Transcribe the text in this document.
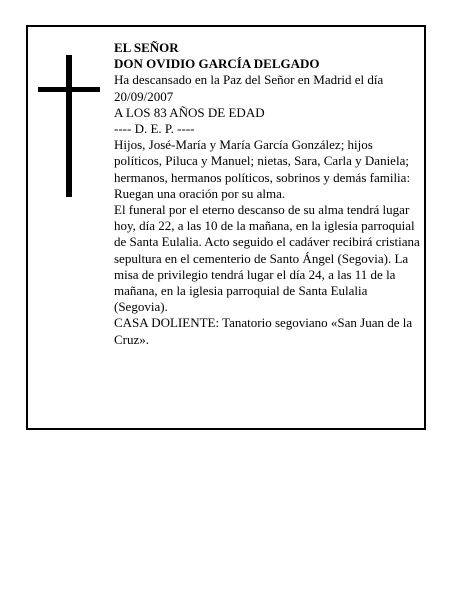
EL SEÑOR

DON OVIDIO GARCÍA DELGADO

Ha descansado en la Paz del Señor en Madrid el día 20/09/2007

A LOS 83 AÑOS DE EDAD

---- D. E. P. ----

Hijos, José-María y María García González; hijos políticos, Piluca y Manuel; nietas, Sara, Carla y Daniela; hermanos, hermanos políticos, sobrinos y demás familia:

Ruegan una oración por su alma.

El funeral por el eterno descanso de su alma tendrá lugar hoy, día 22, a las 10 de la mañana, en la iglesia parroquial de Santa Eulalia. Acto seguido el cadáver recibirá cristiana sepultura en el cementerio de Santo Ángel (Segovia). La misa de privilegio tendrá lugar el día 24, a las 11 de la mañana, en la iglesia parroquial de Santa Eulalia (Segovia).

CASA DOLIENTE: Tanatorio segoviano «San Juan de la Cruz».
